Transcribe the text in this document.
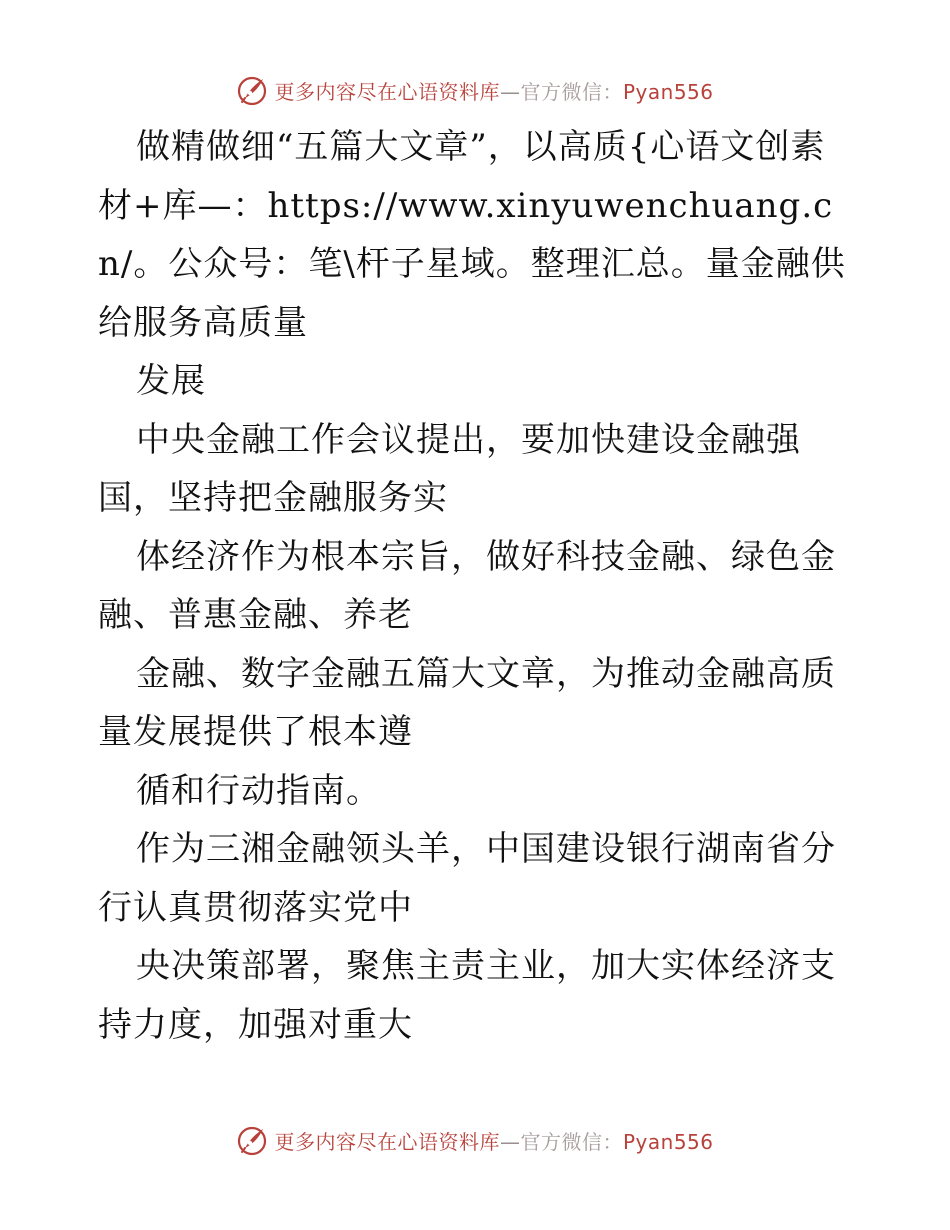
更多内容尽在心语资料库—官方微信：Pyan556

做精做细“五篇大文章”，以高质{心语文创素材+库—：https://www.xinyuwenchuang.cn/。公众号：笔\杆子星域。整理汇总。量金融供给服务高质量

发展

中央金融工作会议提出，要加快建设金融强国，坚持把金融服务实

体经济作为根本宗旨，做好科技金融、绿色金融、普惠金融、养老

金融、数字金融五篇大文章，为推动金融高质量发展提供了根本遵

循和行动指南。

作为三湘金融领头羊，中国建设银行湖南省分行认真贯彻落实党中

央决策部署，聚焦主责主业，加大实体经济支持力度，加强对重大

更多内容尽在心语资料库—官方微信：Pyan556
